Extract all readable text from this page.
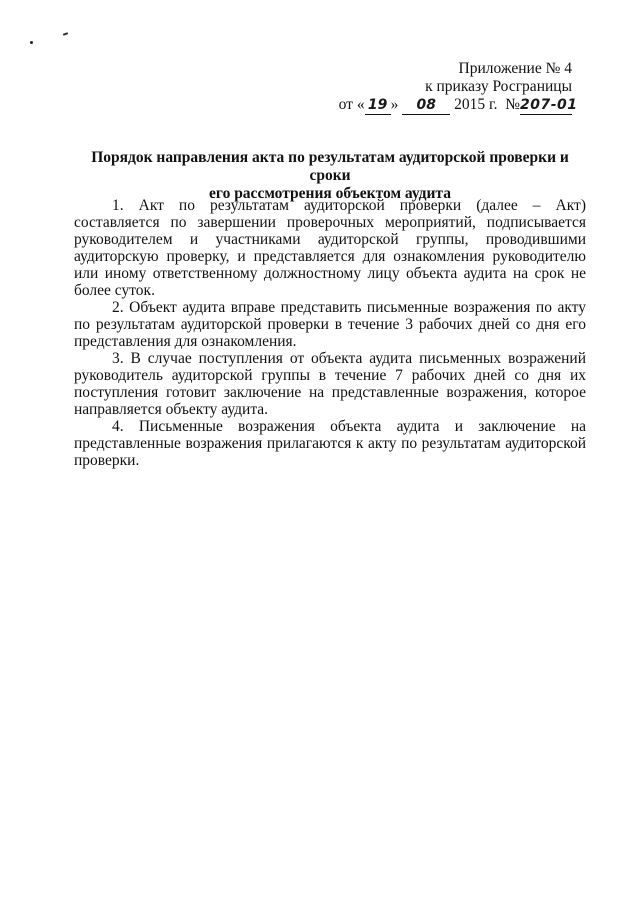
Приложение № 4
к приказу Росграницы
от « 19 » 08 2015 г. №207-01
Порядок направления акта по результатам аудиторской проверки и сроки
его рассмотрения объектом аудита

1. Акт по результатам аудиторской проверки (далее – Акт) составляется по завершении проверочных мероприятий, подписывается руководителем и участниками аудиторской группы, проводившими аудиторскую проверку, и представляется для ознакомления руководителю или иному ответственному должностному лицу объекта аудита на срок не более суток.

2. Объект аудита вправе представить письменные возражения по акту по результатам аудиторской проверки в течение 3 рабочих дней со дня его представления для ознакомления.

3. В случае поступления от объекта аудита письменных возражений руководитель аудиторской группы в течение 7 рабочих дней со дня их поступления готовит заключение на представленные возражения, которое направляется объекту аудита.

4. Письменные возражения объекта аудита и заключение на представленные возражения прилагаются к акту по результатам аудиторской проверки.
